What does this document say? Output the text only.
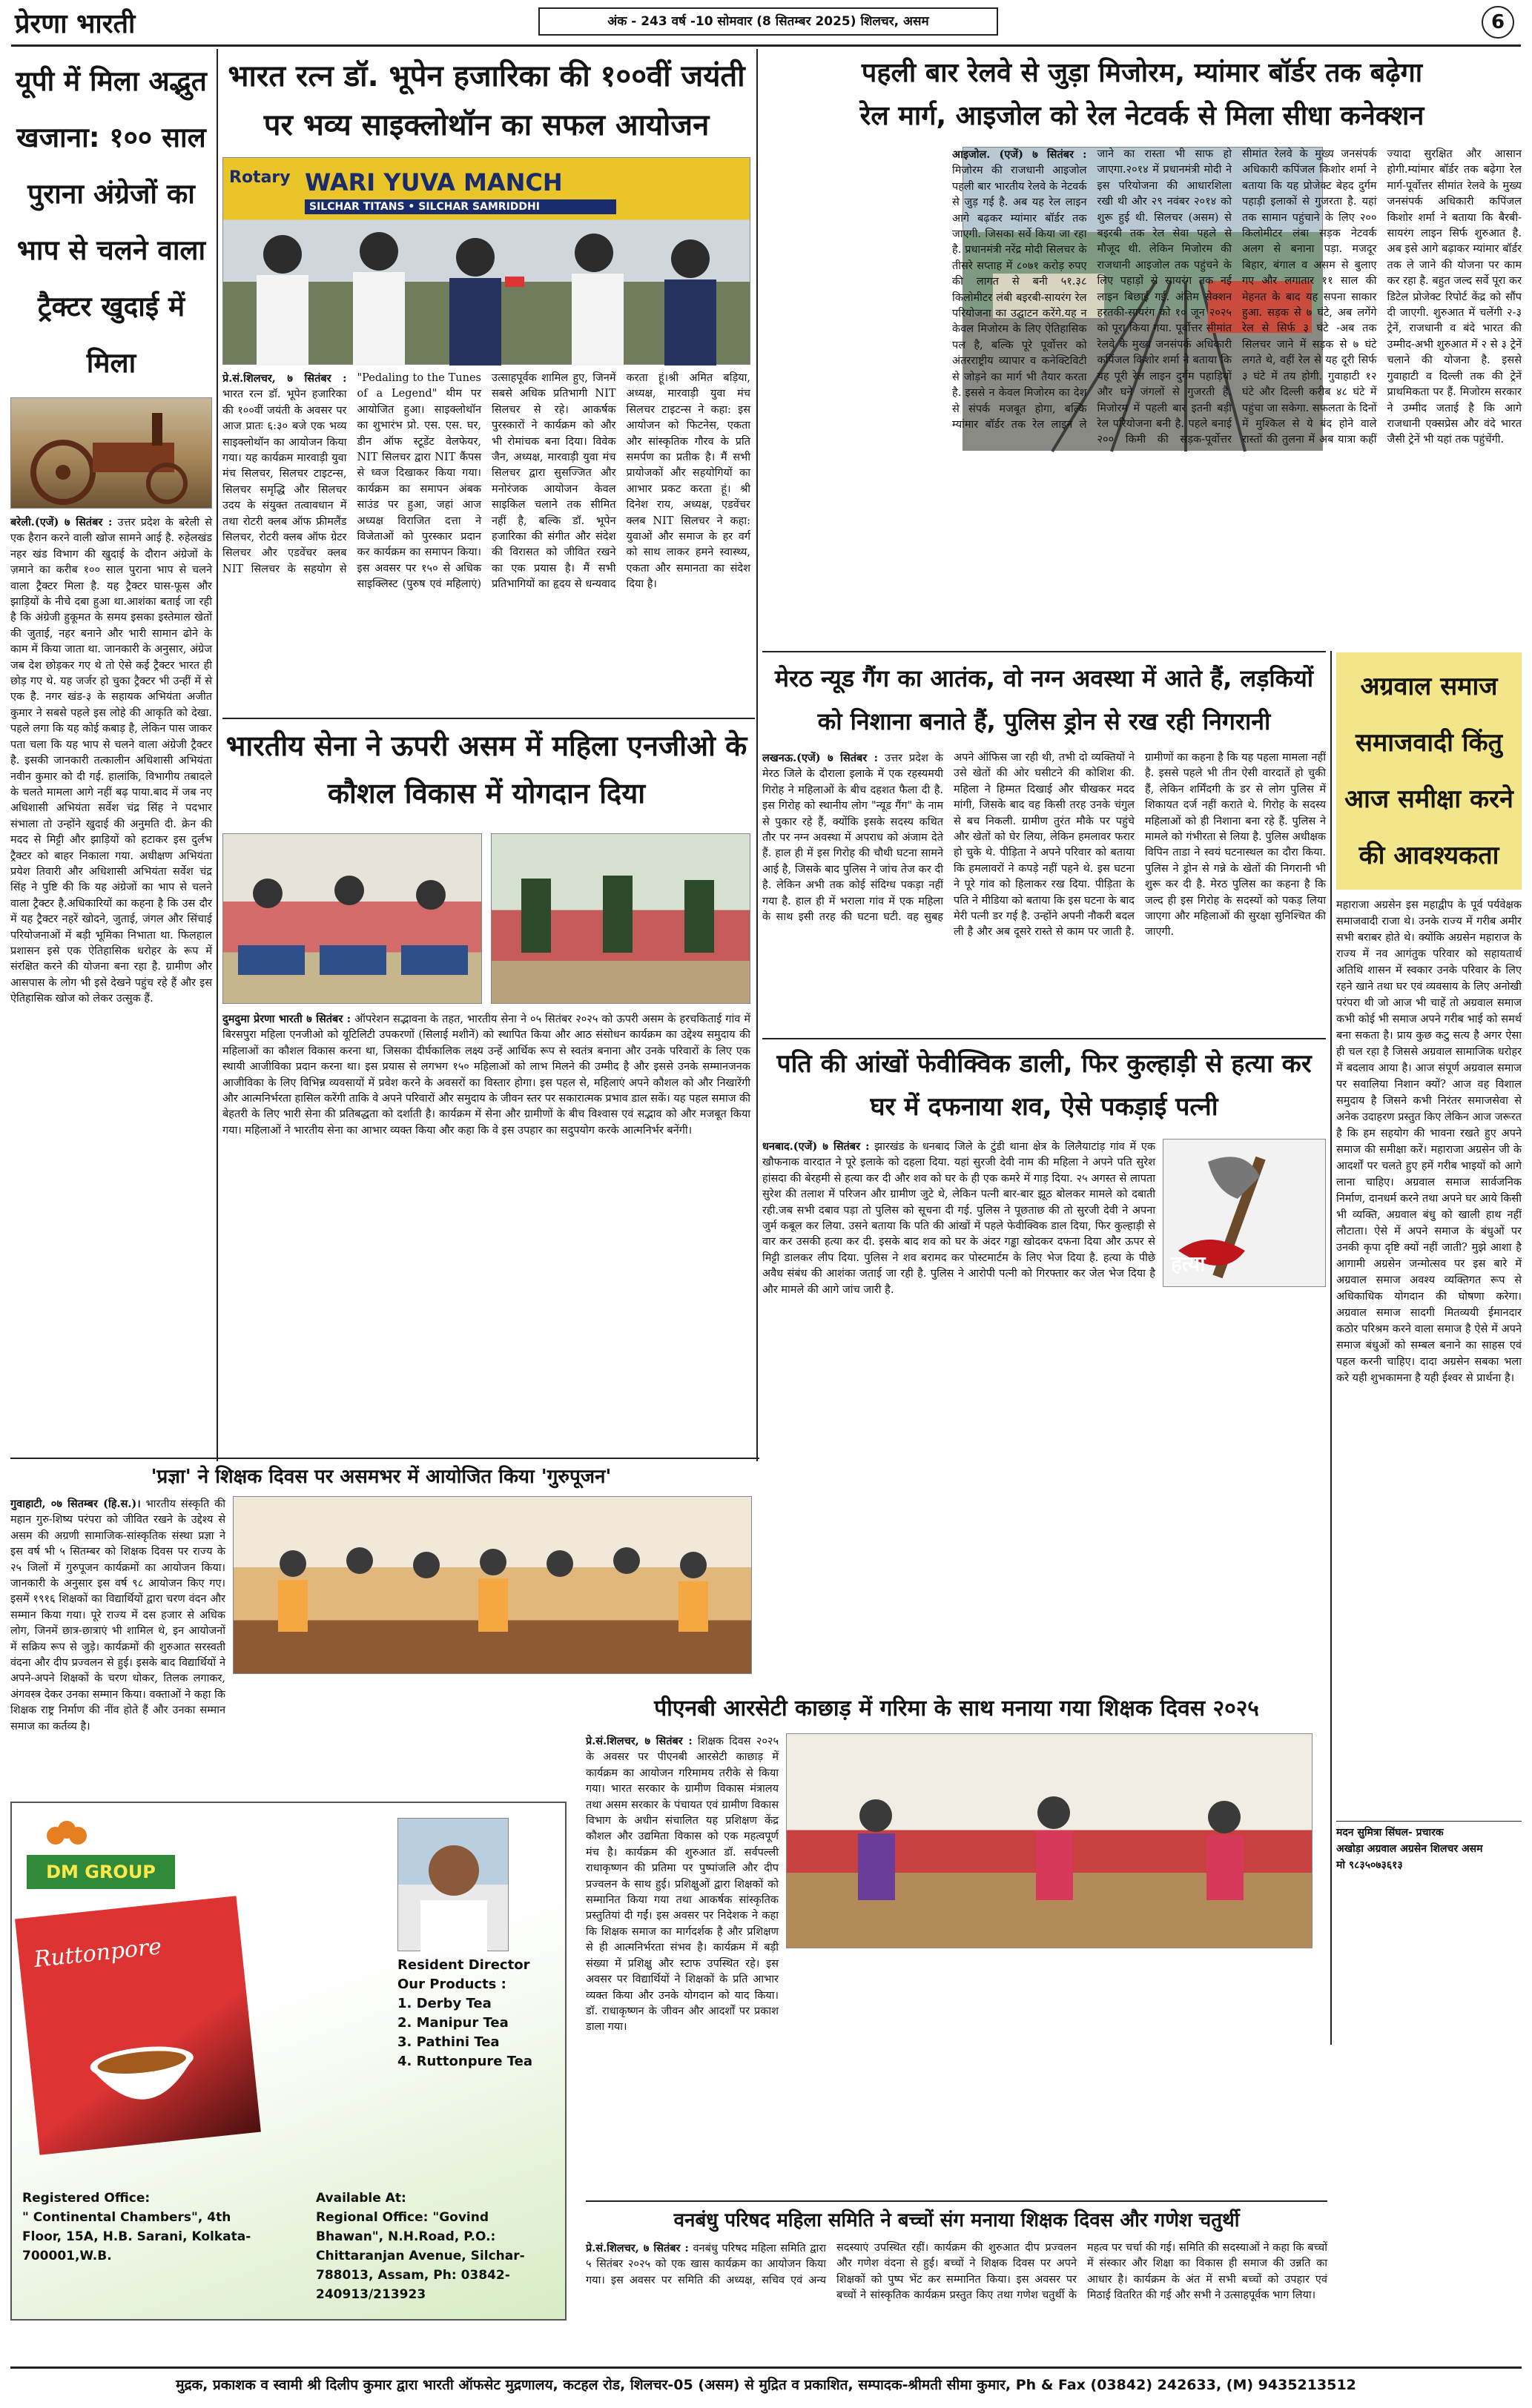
प्रेरणा भारती	अंक - 243 वर्ष -10 सोमवार (8 सितम्बर 2025) शिलचर, असम	6
यूपी में मिला अद्भुत खजाना: १०० साल पुराना अंग्रेजों का भाप से चलने वाला ट्रैक्टर खुदाई में मिला
बरेली.(एजें) ७ सितंबर : उत्तर प्रदेश के बरेली से एक हैरान करने वाली खोज सामने आई है. रुहेलखंड नहर खंड विभाग की खुदाई के दौरान अंग्रेजों के ज़माने का करीब १०० साल पुराना भाप से चलने वाला ट्रैक्टर मिला है. यह ट्रैक्टर घास-फूस और झाड़ि‍यों के नीचे दबा हुआ था.आशंका बताई जा रही है कि अंग्रेजी हुकूमत के समय इसका इस्तेमाल खेतों की जुताई, नहर बनाने और भारी सामान ढोने के काम में किया जाता था. जानकारी के अनुसार, अंग्रेज जब देश छोड़कर गए थे तो ऐसे कई ट्रैक्टर भारत ही छोड़ गए थे. यह जर्जर हो चुका ट्रैक्टर भी उन्हीं में से एक है. नगर खंड-३ के सहायक अभियंता अजीत कुमार ने सबसे पहले इस लोहे की आकृति को देखा. पहले लगा कि यह कोई कबाड़ है, लेकिन पास जाकर पता चला कि यह भाप से चलने वाला अंग्रेजी ट्रैक्टर है. इसकी जानकारी तत्कालीन अधिशासी अभियंता नवीन कुमार को दी गई. हालांकि, विभागीय तबादले के चलते मामला आगे नहीं बढ़ पाया.बाद में जब नए अधिशासी अभियंता सर्वेश चंद्र सिंह ने पदभार संभाला तो उन्होंने खुदाई की अनुमति दी. क्रेन की मदद से मिट्टी और झाड़ि‍यों को हटाकर इस दुर्लभ ट्रैक्टर को बाहर निकाला गया. अधीक्षण अभियंता प्रयेश तिवारी और अधिशासी अभियंता सर्वेश चंद्र सिंह ने पुष्टि की कि यह अंग्रेजों का भाप से चलने वाला ट्रैक्टर है.अधिकारियों का कहना है कि उस दौर में यह ट्रैक्टर नहरें खोदने, जुताई, जंगल और सिंचाई परियोजनाओं में बड़ी भूमिका निभाता था. फिलहाल प्रशासन इसे एक ऐतिहासिक धरोहर के रूप में संरक्षित करने की योजना बना रहा है. ग्रामीण और आसपास के लोग भी इसे देखने पहुंच रहे हैं और इस ऐतिहासिक खोज को लेकर उत्सुक हैं.
भारत रत्न डॉ. भूपेन हजारिका की १००वीं जयंती पर भव्य साइक्लोथॉन का सफल आयोजन
Rotary WARI YUVA MANCH
SILCHAR TITANS • SILCHAR SAMRIDDHI
प्रे.सं.शिलचर, ७ सितंबर : भारत रत्न डॉ. भूपेन हजारिका की १००वीं जयंती के अवसर पर आज प्रातः ६:३० बजे एक भव्य साइक्लोथॉन का आयोजन किया गया। यह कार्यक्रम मारवाड़ी युवा मंच सिलचर, सिलचर टाइटन्स, सिलचर समृद्धि और सिलचर उदय के संयुक्त तत्वावधान में तथा रोटरी क्लब ऑफ फ्रीमलैंड सिलचर, रोटरी क्लब ऑफ ग्रेटर सिलचर और एडवेंचर क्लब NIT सिलचर के सहयोग से "Pedaling to the Tunes of a Legend" थीम पर आयोजित हुआ। साइक्लोथॉन का शुभारंभ प्रो. एस. एस. घर, डीन ऑफ स्टूडेंट वेलफेयर, NIT सिलचर द्वारा NIT कैंपस से ध्वज दिखाकर किया गया। कार्यक्रम का समापन अंबक साउंड पर हुआ, जहां आज अध्यक्ष विराजित दत्ता ने विजेताओं को पुरस्कार प्रदान कर कार्यक्रम का समापन किया।इस अवसर पर १५० से अधिक साइक्लिस्ट (पुरुष एवं महिलाएं) उत्साहपूर्वक शामिल हुए, जिनमें सबसे अधिक प्रतिभागी NIT सिलचर से रहे। आकर्षक पुरस्कारों ने कार्यक्रम को और भी रोमांचक बना दिया। विवेक जैन, अध्यक्ष, मारवाड़ी युवा मंच सिलचर द्वारा सुसज्जित और मनोरंजक आयोजन केवल साइकिल चलाने तक सीमित नहीं है, बल्कि डॉ. भूपेन हजारिका की संगीत और संदेश की विरासत को जीवित रखने का एक प्रयास है। मैं सभी प्रतिभागियों का हृदय से धन्यवाद करता हूं।श्री अमित बड़िया, अध्यक्ष, मारवाड़ी युवा मंच सिलचर टाइटन्स ने कहा: इस आयोजन को फिटनेस, एकता और सांस्कृतिक गौरव के प्रति समर्पण का प्रतीक है। मैं सभी प्रायोजकों और सहयोगियों का आभार प्रकट करता हूं। श्री दिनेश राय, अध्यक्ष, एडवेंचर क्लब NIT सिलचर ने कहा: युवाओं और समाज के हर वर्ग को साथ लाकर हमने स्वास्थ्य, एकता और समानता का संदेश दिया है।
पहली बार रेलवे से जुड़ा मिजोरम, म्यांमार बॉर्डर तक बढ़ेगा
रेल मार्ग, आइजोल को रेल नेटवर्क से मिला सीधा कनेक्शन
आइजोल. (एजें) ७ सितंबर : मिजोरम की राजधानी आइजोल पहली बार भारतीय रेलवे के नेटवर्क से जुड़ गई है. अब यह रेल लाइन आगे बढ़कर म्यांमार बॉर्डर तक जाएगी. जिसका सर्वे किया जा रहा है. प्रधानमंत्री नरेंद्र मोदी सिलचर के तीसरे सप्ताह में ८०७१ करोड़ रुपए की लागत से बनी ५१.३८ किलोमीटर लंबी बइरबी-सायरंग रेल परियोजना का उद्घाटन करेंगे.यह न केवल मिजोरम के लिए ऐतिहासिक पल है, बल्कि पूरे पूर्वोत्तर को अंतरराष्ट्रीय व्यापार व कनेक्टिविटी से जोड़ने का मार्ग भी तैयार करता है. इससे न केवल मिजोरम का देश से संपर्क मजबूत होगा, बल्कि म्यांमार बॉर्डर तक रेल लाइन ले जाने का रास्ता भी साफ हो जाएगा.२०१४ में प्रधानमंत्री मोदी ने इस परियोजना की आधारशिला रखी थी और २९ नवंबर २०१४ को शुरू हुई थी. सिलचर (असम) से बइरबी तक रेल सेवा पहले से मौजूद थी. लेकिन मिजोरम की राजधानी आइजोल तक पहुंचने के लिए पहाड़ों से सायरंग तक नई लाइन बिछाई गई. अंतिम सेक्शन हरतकी-सायरंग को १० जून २०२५ को पूरा किया गया. पूर्वोत्तर सीमांत रेलवे के मुख्य जनसंपर्क अधिकारी कपिंजल किशोर शर्मा ने बताया कि यह पूरी रेल लाइन दुर्गम पहाड़ियों और घने जंगलों से गुजरती है. मिजोरम में पहली बार इतनी बड़ी रेल परियोजना बनी है. पहले बनाई २०० किमी की सड़क-पूर्वोत्तर सीमांत रेलवे के मुख्य जनसंपर्क अधिकारी कपिंजल किशोर शर्मा ने बताया कि यह प्रोजेक्ट बेहद दुर्गम पहाड़ी इलाकों से गुजरता है. यहां तक सामान पहुंचाने के लिए २०० किलोमीटर लंबा सड़क नेटवर्क अलग से बनाना पड़ा. मजदूर बिहार, बंगाल व असम से बुलाए गए और लगातार ११ साल की मेहनत के बाद यह सपना साकार हुआ. सड़क से ७ घंटे, अब लगेंगे रेल से सिर्फ ३ घंटे -अब तक सिलचर जाने में सड़क से ७ घंटे लगते थे, वहीं रेल से यह दूरी सिर्फ ३ घंटे में तय होगी. गुवाहाटी १२ घंटे और दिल्ली करीब ४८ घंटे में पहुंचा जा सकेगा. सफलता के दिनों में मुश्किल से ये बंद होने वाले रास्तों की तुलना में अब यात्रा कहीं ज्यादा सुरक्षित और आसान होगी.म्यांमार बॉर्डर तक बढ़ेगा रेल मार्ग-पूर्वोत्तर सीमांत रेलवे के मुख्य जनसंपर्क अधिकारी कपिंजल किशोर शर्मा ने बताया कि बैरबी-सायरंग लाइन सिर्फ शुरुआत है. अब इसे आगे बढ़ाकर म्यांमार बॉर्डर तक ले जाने की योजना पर काम कर रहा है. बहुत जल्द सर्वे पूरा कर डिटेल प्रोजेक्ट रिपोर्ट केंद्र को सौंप दी जाएगी. शुरुआत में चलेंगी २-३ ट्रेनें, राजधानी व बंदे भारत की उम्मीद-अभी शुरुआत में २ से ३ ट्रेनें चलाने की योजना है. इससे गुवाहाटी व दिल्ली तक की ट्रेनें प्राथमिकता पर हैं. मिजोरम सरकार ने उम्मीद जताई है कि आगे राजधानी एक्सप्रेस और वंदे भारत जैसी ट्रेनें भी यहां तक पहुंचेंगी.
मेरठ न्यूड गैंग का आतंक, वो नग्न अवस्था में आते हैं, लड़कियों को निशाना बनाते हैं, पुलिस ड्रोन से रख रही निगरानी
लखनऊ.(एजें) ७ सितंबर : उत्तर प्रदेश के मेरठ जिले के दौराला इलाके में एक रहस्यमयी गिरोह ने महिलाओं के बीच दहशत फैला दी है. इस गिरोह को स्थानीय लोग "न्यूड गैंग" के नाम से पुकार रहे हैं, क्योंकि इसके सदस्य कथित तौर पर नग्न अवस्था में अपराध को अंजाम देते हैं. हाल ही में इस गिरोह की चौथी घटना सामने आई है, जिसके बाद पुलिस ने जांच तेज कर दी है. लेकिन अभी तक कोई संदिग्ध पकड़ा नहीं गया है. हाल ही में भराला गांव में एक महिला के साथ इसी तरह की घटना घटी. वह सुबह अपने ऑफिस जा रही थी, तभी दो व्यक्तियों ने उसे खेतों की ओर घसीटने की कोशिश की. महिला ने हिम्मत दिखाई और चीखकर मदद मांगी, जिसके बाद वह किसी तरह उनके चंगुल से बच निकली. ग्रामीण तुरंत मौके पर पहुंचे और खेतों को घेर लिया, लेकिन हमलावर फरार हो चुके थे. पीड़िता ने अपने परिवार को बताया कि हमलावरों ने कपड़े नहीं पहने थे. इस घटना ने पूरे गांव को हिलाकर रख दिया. पीड़िता के पति ने मीडिया को बताया कि इस घटना के बाद मेरी पत्नी डर गई है. उन्होंने अपनी नौकरी बदल ली है और अब दूसरे रास्ते से काम पर जाती है. ग्रामीणों का कहना है कि यह पहला मामला नहीं है. इससे पहले भी तीन ऐसी वारदातें हो चुकी हैं, लेकिन शर्मिंदगी के डर से लोग पुलिस में शिकायत दर्ज नहीं कराते थे. गिरोह के सदस्य महिलाओं को ही निशाना बना रहे हैं. पुलिस ने मामले को गंभीरता से लिया है. पुलिस अधीक्षक विपिन ताडा ने स्वयं घटनास्थल का दौरा किया. पुलिस ने ड्रोन से गन्ने के खेतों की निगरानी भी शुरू कर दी है. मेरठ पुलिस का कहना है कि जल्द ही इस गिरोह के सदस्यों को पकड़ लिया जाएगा और महिलाओं की सुरक्षा सुनिश्चित की जाएगी.
अग्रवाल समाज समाजवादी किंतु आज समीक्षा करने की आवश्यकता
महाराजा अग्रसेन इस महाद्वीप के पूर्व पर्यवेक्षक समाजवादी राजा थे। उनके राज्य में गरीब अमीर सभी बराबर होते थे। क्योंकि अग्रसेन महाराज के राज्य में नव आगंतुक परिवार को सहायतार्थ अतिथि शासन में स्वकार उनके परिवार के लिए रहने खाने तथा घर एवं व्यवसाय के लिए अनोखी परंपरा थी जो आज भी चाहें तो अग्रवाल समाज कभी कोई भी समाज अपने गरीब भाई को समर्थ बना सकता है। प्राय कुछ कटु सत्य है अगर ऐसा ही चल रहा है जिससे अग्रवाल सामाजिक धरोहर में बदलाव आया है। आज संपूर्ण अग्रवाल समाज पर सवालिया निशान क्यों? आज वह विशाल समुदाय है जिसने कभी निरंतर समाजसेवा से अनेक उदाहरण प्रस्तुत किए लेकिन आज जरूरत है कि हम सहयोग की भावना रखते हुए अपने समाज की समीक्षा करें। महाराजा अग्रसेन जी के आदर्शों पर चलते हुए हमें गरीब भाइयों को आगे लाना चाहिए। अग्रवाल समाज सार्वजनिक निर्माण, दानधर्म करने तथा अपने घर आये किसी भी व्यक्ति, अग्रवाल बंधु को खाली हाथ नहीं लौटाता। ऐसे में अपने समाज के बंधुओं पर उनकी कृपा दृष्टि क्यों नहीं जाती? मुझे आशा है आगामी अग्रसेन जन्मोत्सव पर इस बारे में अग्रवाल समाज अवश्य व्यक्तिगत रूप से अधिकाधिक योगदान की घोषणा करेगा। अग्रवाल समाज सादगी मितव्ययी ईमानदार कठोर परिश्रम करने वाला समाज है ऐसे में अपने समाज बंधुओं को सम्बल बनाने का साहस एवं पहल करनी चाहिए। दादा अग्रसेन सबका भला करे यही शुभकामना है यही ईश्वर से प्रार्थना है।
मदन सुमित्रा सिंघल- प्रचारक
अखोड़ा अग्रवाल अग्रसेन शिलचर असम
मो ९८३५०७३६१३
भारतीय सेना ने ऊपरी असम में महिला एनजीओ के कौशल विकास में योगदान दिया
दुमदुमा प्रेरणा भारती ७ सितंबर : ऑपरेशन सद्भावना के तहत, भारतीय सेना ने ०५ सितंबर २०२५ को ऊपरी असम के हरचकिताई गांव में बिरसपुरा महिला एनजीओ को यूटिलिटी उपकरणों (सिलाई मशीनें) को स्थापित किया और आठ संसोधन कार्यक्रम का उद्देश्य समुदाय की महिलाओं का कौशल विकास करना था, जिसका दीर्घकालिक लक्ष्य उन्हें आर्थिक रूप से स्वतंत्र बनाना और उनके परिवारों के लिए एक स्थायी आजीविका प्रदान करना था। इस प्रयास से लगभग १५० महिलाओं को लाभ मिलने की उम्मीद है और इससे उनके सम्मानजनक आजीविका के लिए विभिन्न व्यवसायों में प्रवेश करने के अवसरों का विस्तार होगा। इस पहल से, महिलाएं अपने कौशल को और निखारेंगी और आत्मनिर्भरता हासिल करेंगी ताकि वे अपने परिवारों और समुदाय के जीवन स्तर पर सकारात्मक प्रभाव डाल सकें। यह पहल समाज की बेहतरी के लिए भारी सेना की प्रतिबद्धता को दर्शाती है। कार्यक्रम में सेना और ग्रामीणों के बीच विश्वास एवं सद्भाव को और मजबूत किया गया। महिलाओं ने भारतीय सेना का आभार व्यक्त किया और कहा कि वे इस उपहार का सदुपयोग करके आत्मनिर्भर बनेंगी।
पति की आंखों फेवीक्विक डाली, फिर कुल्हाड़ी से हत्या कर घर में दफनाया शव, ऐसे पकड़ाई पत्नी
हत्या
धनबाद.(एजें) ७ सितंबर : झारखंड के धनबाद जिले के टुंडी थाना क्षेत्र के लिलैयाटांड़ गांव में एक खौफनाक वारदात ने पूरे इलाके को दहला दिया. यहां सुरजी देवी नाम की महिला ने अपने पति सुरेश हांसदा की बेरहमी से हत्या कर दी और शव को घर के ही एक कमरे में गाड़ दिया. २५ अगस्त से लापता सुरेश की तलाश में परिजन और ग्रामीण जुटे थे, लेकिन पत्नी बार-बार झूठ बोलकर मामले को दबाती रही.जब सभी दबाव पड़ा तो पुलिस को सूचना दी गई. पुलिस ने पूछताछ की तो सुरजी देवी ने अपना जुर्म कबूल कर लिया. उसने बताया कि पति की आंखों में पहले फेवीक्विक डाल दिया, फिर कुल्हाड़ी से वार कर उसकी हत्या कर दी. इसके बाद शव को घर के अंदर गड्ढा खोदकर दफना दिया और ऊपर से मिट्टी डालकर लीप दिया. पुलिस ने शव बरामद कर पोस्टमार्टम के लिए भेज दिया है. हत्या के पीछे अवैध संबंध की आशंका जताई जा रही है. पुलिस ने आरोपी पत्नी को गिरफ्तार कर जेल भेज दिया है और मामले की आगे जांच जारी है.
'प्रज्ञा' ने शिक्षक दिवस पर असमभर में आयोजित किया 'गुरुपूजन'
गुवाहाटी, ०७ सितम्बर (हि.स.)। भारतीय संस्कृति की महान गुरु-शिष्य परंपरा को जीवित रखने के उद्देश्य से असम की अग्रणी सामाजिक-सांस्कृतिक संस्था प्रज्ञा ने इस वर्ष भी ५ सितम्बर को शिक्षक दिवस पर राज्य के २५ जिलों में गुरुपूजन कार्यक्रमों का आयोजन किया।जानकारी के अनुसार इस वर्ष ९८ आयोजन किए गए। इसमें १९१६ शिक्षकों का विद्यार्थियों द्वारा चरण वंदन और सम्मान किया गया। पूरे राज्य में दस हजार से अधिक लोग, जिनमें छात्र-छात्राएं भी शामिल थे, इन आयोजनों में सक्रिय रूप से जुड़े। कार्यक्रमों की शुरुआत सरस्वती वंदना और दीप प्रज्वलन से हुई। इसके बाद विद्यार्थियों ने अपने-अपने शिक्षकों के चरण धोकर, तिलक लगाकर, अंगवस्त्र देकर उनका सम्मान किया। वक्ताओं ने कहा कि शिक्षक राष्ट्र निर्माण की नींव होते हैं और उनका सम्मान समाज का कर्तव्य है।
DM GROUP
Ruttonpore	Resident Director
Our Products :
1. Derby Tea
2. Manipur Tea
3. Pathini Tea
4. Ruttonpure Tea
Registered Office:
" Continental Chambers", 4th Floor, 15A, H.B. Sarani, Kolkata-700001,W.B.
Available At:
Regional Office: "Govind Bhawan", N.H.Road, P.O.: Chittaranjan Avenue, Silchar-788013, Assam, Ph: 03842-240913/213923
पीएनबी आरसेटी काछाड़ में गरिमा के साथ मनाया गया शिक्षक दिवस २०२५
प्रे.सं.शिलचर, ७ सितंबर : शिक्षक दिवस २०२५ के अवसर पर पीएनबी आरसेटी काछाड़ में कार्यक्रम का आयोजन गरिमामय तरीके से किया गया। भारत सरकार के ग्रामीण विकास मंत्रालय तथा असम सरकार के पंचायत एवं ग्रामीण विकास विभाग के अधीन संचालित यह प्रशिक्षण केंद्र कौशल और उद्यमिता विकास को एक महत्वपूर्ण मंच है। कार्यक्रम की शुरुआत डॉ. सर्वपल्ली राधाकृष्णन की प्रतिमा पर पुष्पांजलि और दीप प्रज्वलन के साथ हुई। प्रशिक्षुओं द्वारा शिक्षकों को सम्मानित किया गया तथा आकर्षक सांस्कृतिक प्रस्तुतियां दी गईं। इस अवसर पर निदेशक ने कहा कि शिक्षक समाज का मार्गदर्शक है और प्रशिक्षण से ही आत्मनिर्भरता संभव है। कार्यक्रम में बड़ी संख्या में प्रशिक्षु और स्टाफ उपस्थित रहे। इस अवसर पर विद्यार्थियों ने शिक्षकों के प्रति आभार व्यक्त किया और उनके योगदान को याद किया। डॉ. राधाकृष्णन के जीवन और आदर्शों पर प्रकाश डाला गया।
वनबंधु परिषद महिला समिति ने बच्चों संग मनाया शिक्षक दिवस और गणेश चतुर्थी
प्रे.सं.शिलचर, ७ सितंबर : वनबंधु परिषद महिला समिति द्वारा ५ सितंबर २०२५ को एक खास कार्यक्रम का आयोजन किया गया। इस अवसर पर समिति की अध्यक्ष, सचिव एवं अन्य सदस्याएं उपस्थित रहीं। कार्यक्रम की शुरुआत दीप प्रज्वलन और गणेश वंदना से हुई। बच्चों ने शिक्षक दिवस पर अपने शिक्षकों को पुष्प भेंट कर सम्मानित किया। इस अवसर पर बच्चों ने सांस्कृतिक कार्यक्रम प्रस्तुत किए तथा गणेश चतुर्थी के महत्व पर चर्चा की गई। समिति की सदस्याओं ने कहा कि बच्चों में संस्कार और शिक्षा का विकास ही समाज की उन्नति का आधार है। कार्यक्रम के अंत में सभी बच्चों को उपहार एवं मिठाई वितरित की गई और सभी ने उत्साहपूर्वक भाग लिया।
मुद्रक, प्रकाशक व स्वामी श्री दिलीप कुमार द्वारा भारती ऑफसेट मुद्रणालय, कटहल रोड, शिलचर-05 (असम) से मुद्रित व प्रकाशित, सम्पादक-श्रीमती सीमा कुमार, Ph & Fax (03842) 242633, (M) 9435213512
